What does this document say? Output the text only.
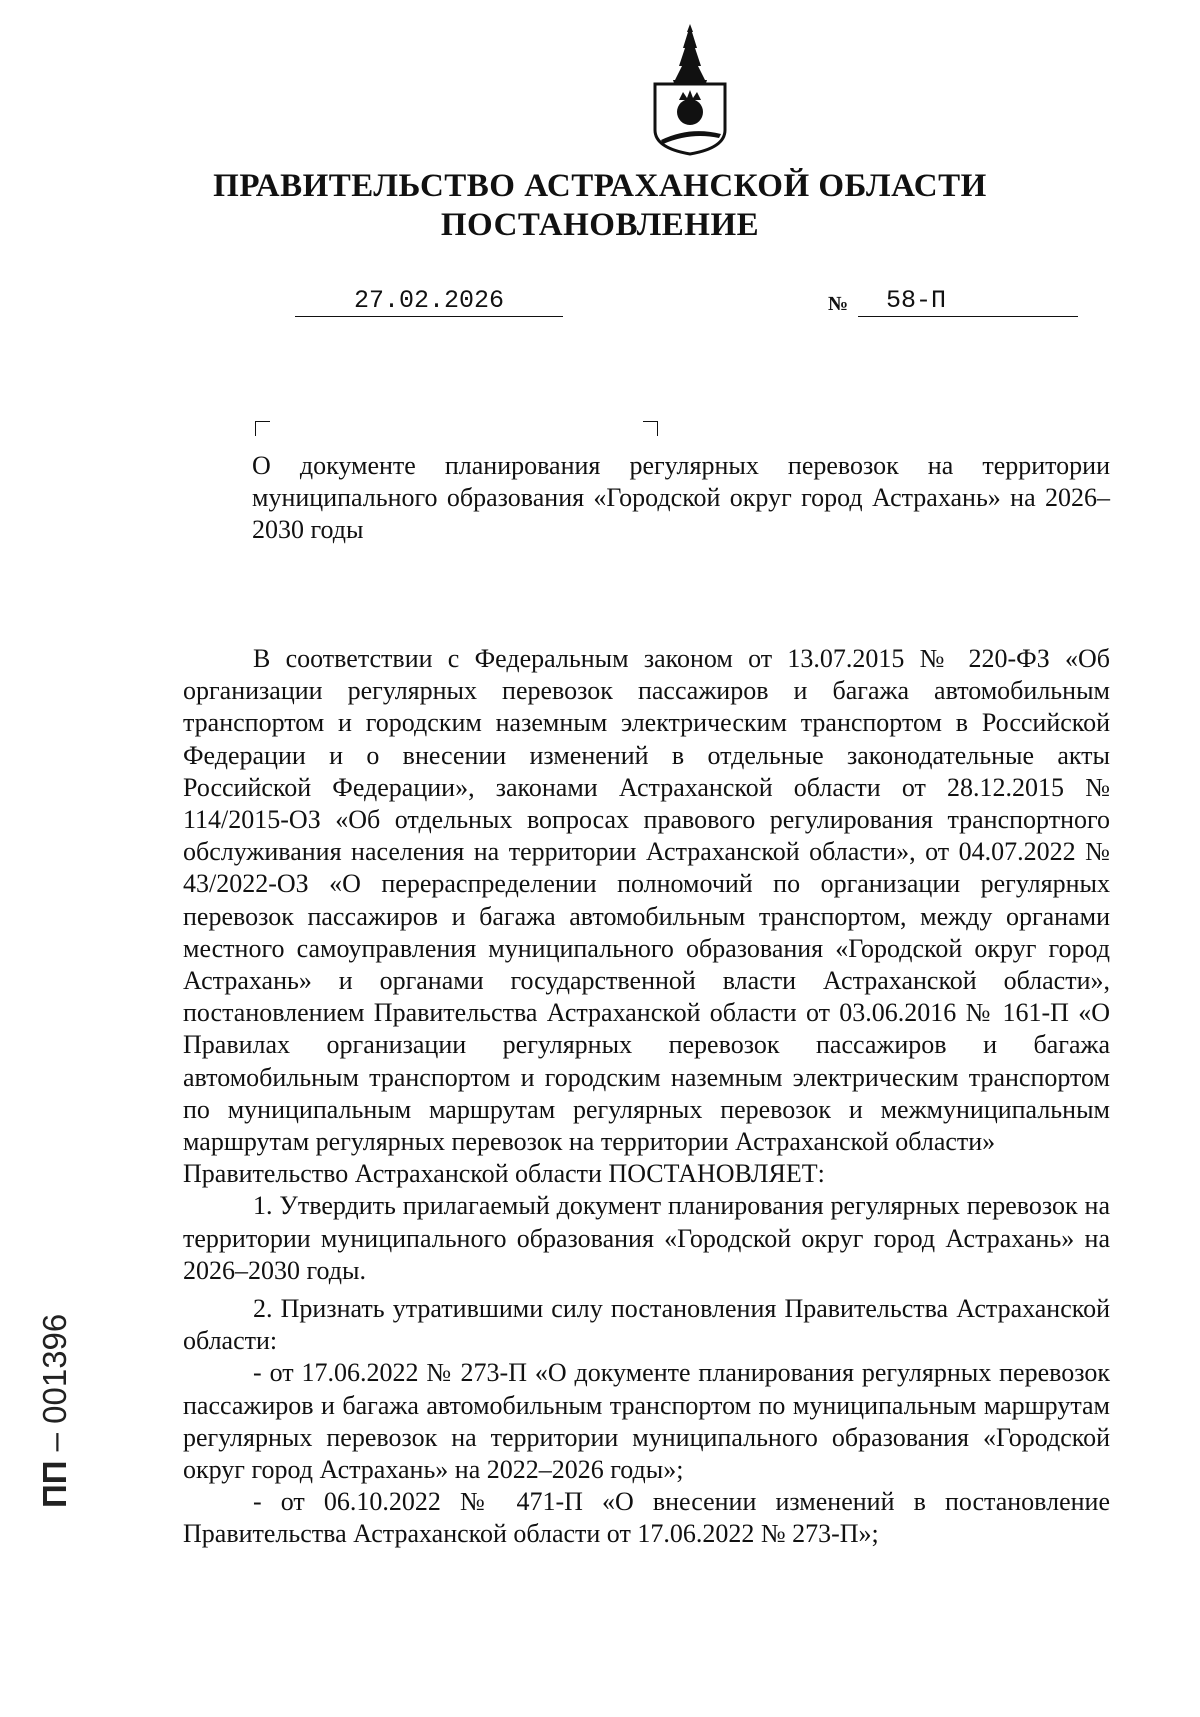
ПРАВИТЕЛЬСТВО АСТРАХАНСКОЙ ОБЛАСТИ
ПОСТАНОВЛЕНИЕ
27.02.2026	№	58-П
О документе планирования регулярных перевозок на территории муниципального образования «Городской округ город Астрахань» на 2026–2030 годы

В соответствии с Федеральным законом от 13.07.2015 № 220-ФЗ «Об организации регулярных перевозок пассажиров и багажа автомобильным транспортом и городским наземным электрическим транспортом в Российской Федерации и о внесении изменений в отдельные законодательные акты Российской Федерации», законами Астраханской области от 28.12.2015 № 114/2015-ОЗ «Об отдельных вопросах правового регулирования транспортного обслуживания населения на территории Астраханской области», от 04.07.2022 № 43/2022-ОЗ «О перераспределении полномочий по организации регулярных перевозок пассажиров и багажа автомобильным транспортом, между органами местного самоуправления муниципального образования «Городской округ город Астрахань» и органами государственной власти Астраханской области», постановлением Правительства Астраханской области от 03.06.2016 № 161-П «О Правилах организации регулярных перевозок пассажиров и багажа автомобильным транспортом и городским наземным электрическим транспортом по муниципальным маршрутам регулярных перевозок и межмуниципальным маршрутам регулярных перевозок на территории Астраханской области»

Правительство Астраханской области ПОСТАНОВЛЯЕТ:

1. Утвердить прилагаемый документ планирования регулярных перевозок на территории муниципального образования «Городской округ город Астрахань» на 2026–2030 годы.

2. Признать утратившими силу постановления Правительства Астраханской области:

- от 17.06.2022 № 273-П «О документе планирования регулярных перевозок пассажиров и багажа автомобильным транспортом по муниципальным маршрутам регулярных перевозок на территории муниципального образования «Городской округ город Астрахань» на 2022–2026 годы»;

- от 06.10.2022 № 471-П «О внесении изменений в постановление Правительства Астраханской области от 17.06.2022 № 273-П»;

ПП – 001396
